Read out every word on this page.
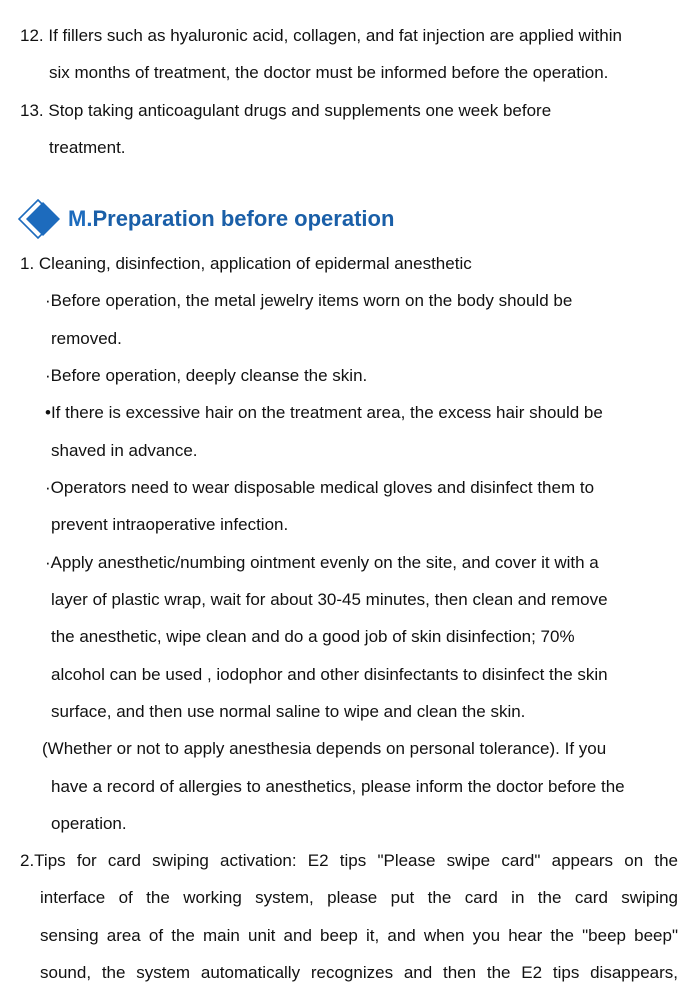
12. If fillers such as hyaluronic acid, collagen, and fat injection are applied within
six months of treatment, the doctor must be informed before the operation.
13. Stop taking anticoagulant drugs and supplements one week before
treatment.
M.Preparation before operation
1. Cleaning, disinfection, application of epidermal anesthetic
·Before operation, the metal jewelry items worn on the body should be
removed.
·Before operation, deeply cleanse the skin.
•If there is excessive hair on the treatment area, the excess hair should be
shaved in advance.
·Operators need to wear disposable medical gloves and disinfect them to
prevent intraoperative infection.
·Apply anesthetic/numbing ointment evenly on the site, and cover it with a
layer of plastic wrap, wait for about 30-45 minutes, then clean and remove
the anesthetic, wipe clean and do a good job of skin disinfection; 70%
alcohol can be used , iodophor and other disinfectants to disinfect the skin
surface, and then use normal saline to wipe and clean the skin.
(Whether or not to apply anesthesia depends on personal tolerance). If you
have a record of allergies to anesthetics, please inform the doctor before the
operation.
2.Tips for card swiping activation: E2 tips "Please swipe card" appears on the
interface of the working system, please put the card in the card swiping
sensing area of the main unit and beep it, and when you hear the "beep beep"
sound, the system automatically recognizes and then the E2 tips disappears,
